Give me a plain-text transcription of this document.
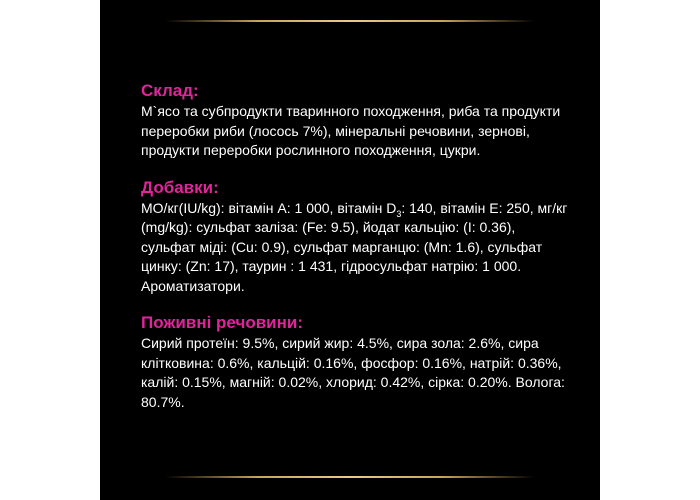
Склад:

М`ясо та субпродукти тваринного походження, риба та продукти переробки риби (лосось 7%), мінеральні речовини, зернові, продукти переробки рослинного походження, цукри.

Добавки:

МО/кг(IU/kg): вітамін А: 1 000, вітамін $D_3$: 140, вітамін Е: 250, мг/кг (mg/kg): сульфат заліза: (Fe: 9.5), йодат кальцію: (I: 0.36), сульфат міді: (Cu: 0.9), сульфат марганцю: (Mn: 1.6), сульфат цинку: (Zn: 17), таурин : 1 431, гідросульфат натрію: 1 000. Ароматизатори.

Поживні речовини:

Сирий протеїн: 9.5%, сирий жир: 4.5%, сира зола: 2.6%, сира клітковина: 0.6%, кальцій: 0.16%, фосфор: 0.16%, натрій: 0.36%, калій: 0.15%, магній: 0.02%, хлорид: 0.42%, сірка: 0.20%. Волога: 80.7%.
